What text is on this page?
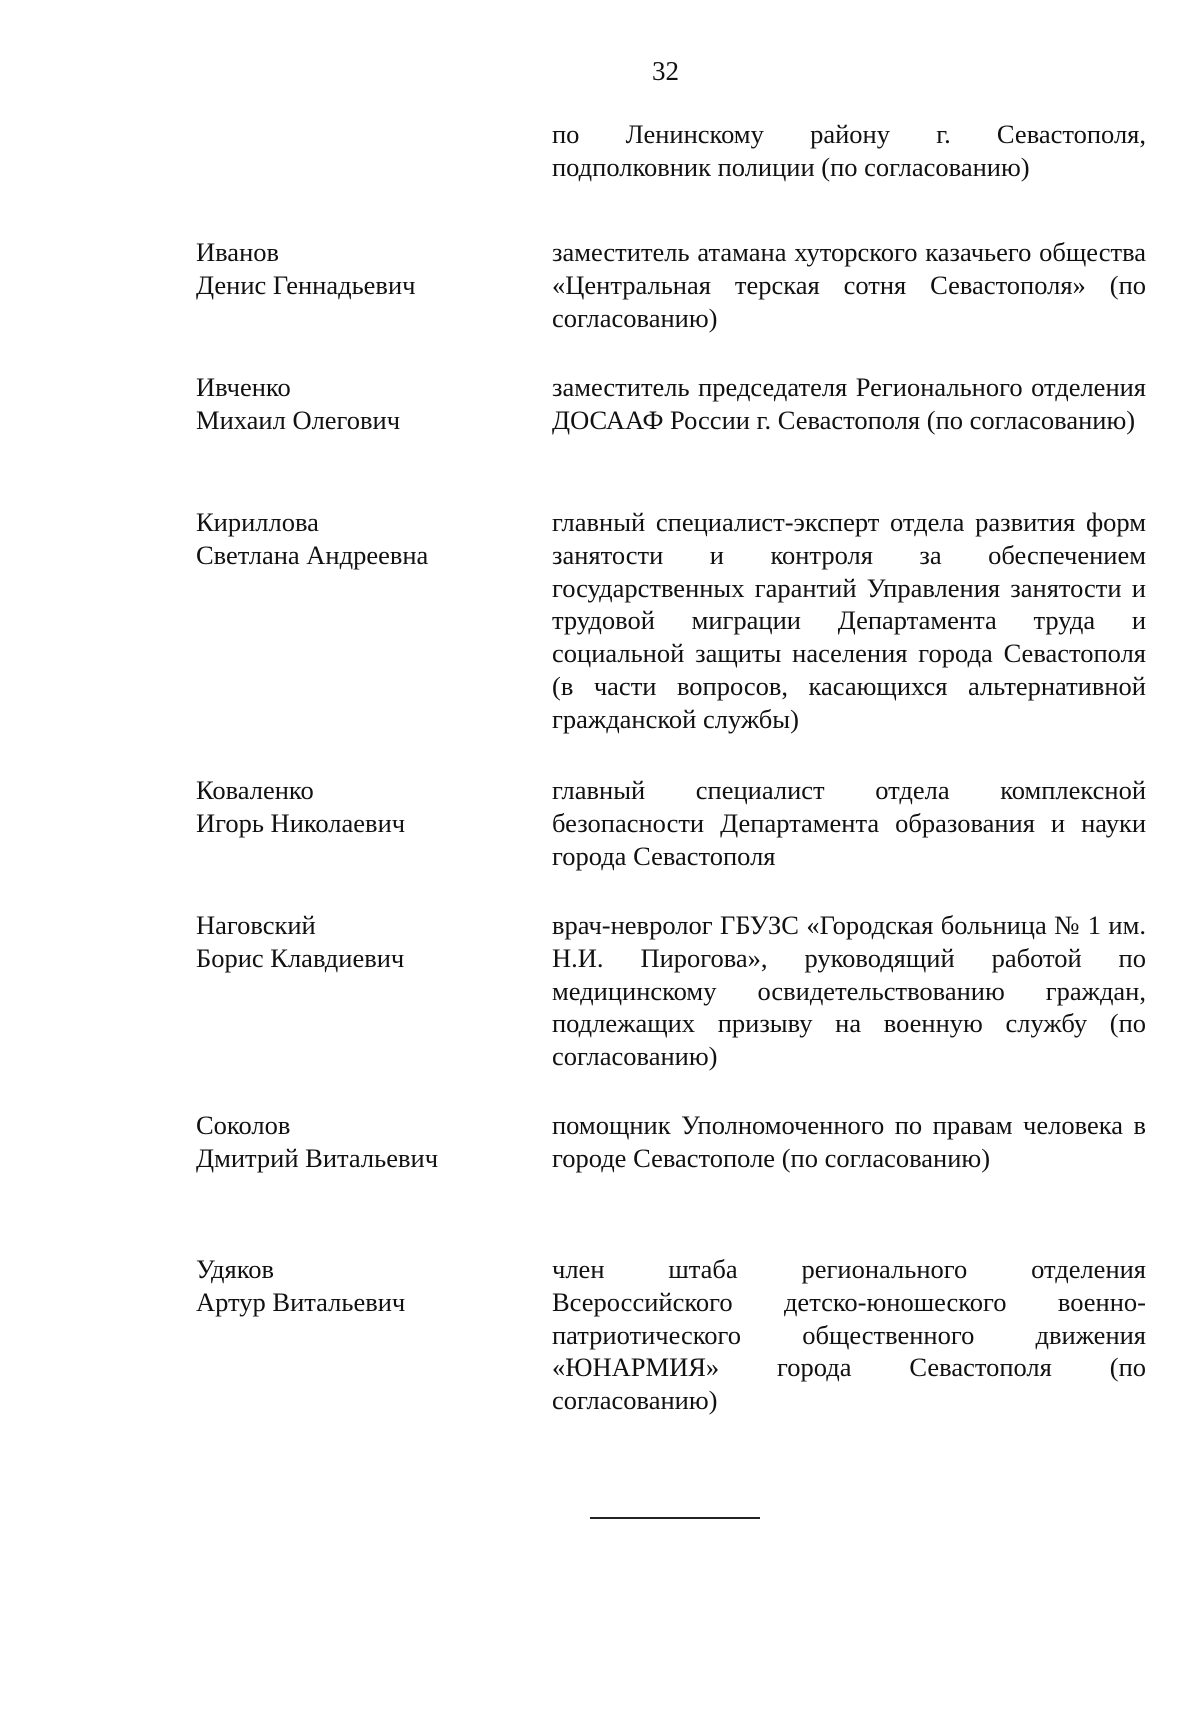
32
по Ленинскому району г. Севастополя, подполковник полиции (по согласованию)
Иванов
Денис Геннадьевич
заместитель атамана хуторского казачьего общества «Центральная терская сотня Севастополя» (по согласованию)
Ивченко
Михаил Олегович
заместитель председателя Регионального отделения ДОСААФ России г. Севастополя (по согласованию)
Кириллова
Светлана Андреевна
главный специалист-эксперт отдела развития форм занятости и контроля за обеспечением государственных гарантий Управления занятости и трудовой миграции Департамента труда и социальной защиты населения города Севастополя (в части вопросов, касающихся альтернативной гражданской службы)
Коваленко
Игорь Николаевич
главный специалист отдела комплексной безопасности Департамента образования и науки города Севастополя
Наговский
Борис Клавдиевич
врач-невролог ГБУЗС «Городская больница № 1 им. Н.И. Пирогова», руководящий работой по медицинскому освидетельствованию граждан, подлежащих призыву на военную службу (по согласованию)
Соколов
Дмитрий Витальевич
помощник Уполномоченного по правам человека в городе Севастополе (по согласованию)
Удяков
Артур Витальевич
член штаба регионального отделения Всероссийского детско-юношеского военно-патриотического общественного движения «ЮНАРМИЯ» города Севастополя (по согласованию)
